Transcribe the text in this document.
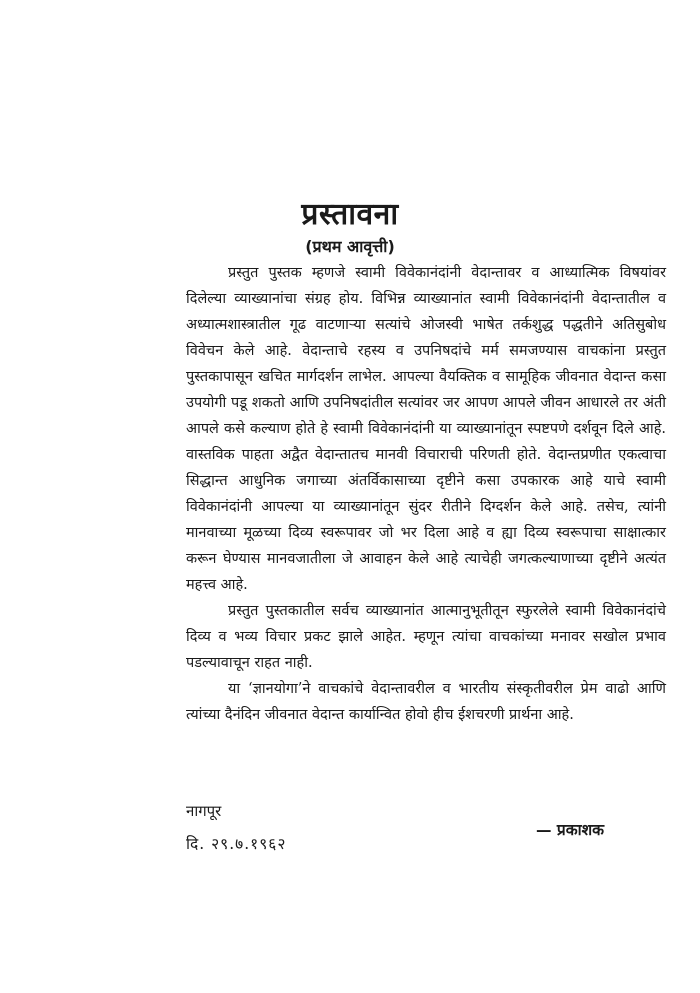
प्रस्तावना
(प्रथम आवृत्ती)

प्रस्तुत पुस्तक म्हणजे स्वामी विवेकानंदांनी वेदान्तावर व आध्यात्मिक विषयांवर दिलेल्या व्याख्यानांचा संग्रह होय. विभिन्न व्याख्यानांत स्वामी विवेकानंदांनी वेदान्तातील व अध्यात्मशास्त्रातील गूढ वाटणाऱ्या सत्यांचे ओजस्वी भाषेत तर्कशुद्ध पद्धतीने अतिसुबोध विवेचन केले आहे. वेदान्ताचे रहस्य व उपनिषदांचे मर्म समजण्यास वाचकांना प्रस्तुत पुस्तकापासून खचित मार्गदर्शन लाभेल. आपल्या वैयक्तिक व सामूहिक जीवनात वेदान्त कसा उपयोगी पडू शकतो आणि उपनिषदांतील सत्यांवर जर आपण आपले जीवन आधारले तर अंती आपले कसे कल्याण होते हे स्वामी विवेकानंदांनी या व्याख्यानांतून स्पष्टपणे दर्शवून दिले आहे. वास्तविक पाहता अद्वैत वेदान्तातच मानवी विचाराची परिणती होते. वेदान्तप्रणीत एकत्वाचा सिद्धान्त आधुनिक जगाच्या अंतर्विकासाच्या दृष्टीने कसा उपकारक आहे याचे स्वामी विवेकानंदांनी आपल्या या व्याख्यानांतून सुंदर रीतीने दिग्दर्शन केले आहे. तसेच, त्यांनी मानवाच्या मूळच्या दिव्य स्वरूपावर जो भर दिला आहे व ह्या दिव्य स्वरूपाचा साक्षात्कार करून घेण्यास मानवजातीला जे आवाहन केले आहे त्याचेही जगत्कल्याणाच्या दृष्टीने अत्यंत महत्त्व आहे.

प्रस्तुत पुस्तकातील सर्वच व्याख्यानांत आत्मानुभूतीतून स्फुरलेले स्वामी विवेकानंदांचे दिव्य व भव्य विचार प्रकट झाले आहेत. म्हणून त्यांचा वाचकांच्या मनावर सखोल प्रभाव पडल्यावाचून राहत नाही.

या ‘ज्ञानयोगा’ने वाचकांचे वेदान्तावरील व भारतीय संस्कृतीवरील प्रेम वाढो आणि त्यांच्या दैनंदिन जीवनात वेदान्त कार्यान्वित होवो हीच ईशचरणी प्रार्थना आहे.

नागपूर
दि. २९.७.१९६२
— प्रकाशक
